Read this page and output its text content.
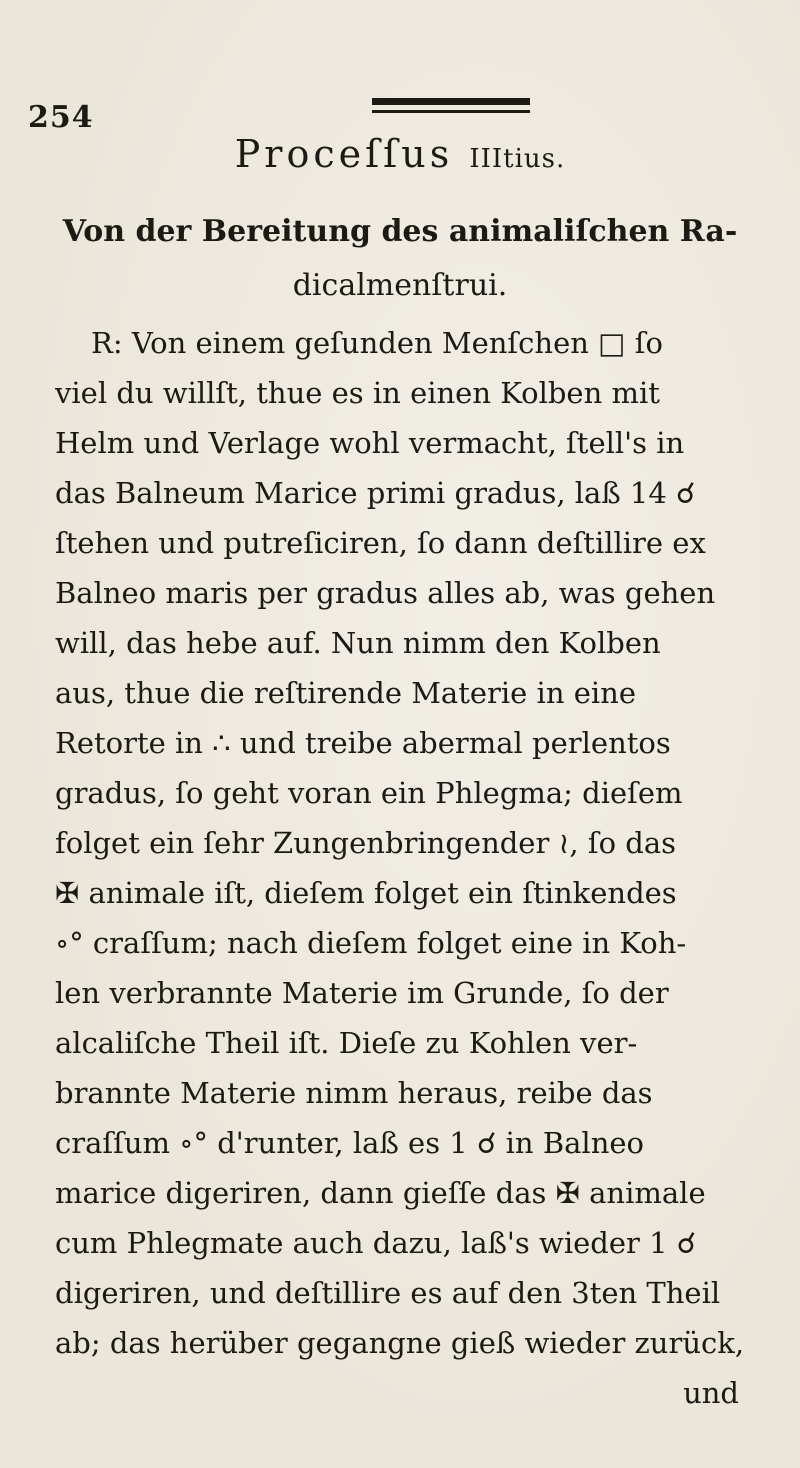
254
Proceſſus IIItius.
Von der Bereitung des animaliſchen Ra-
dicalmenſtrui.
R: Von einem geſunden Menſchen □ ſo
viel du willſt, thue es in einen Kolben mit
Helm und Verlage wohl vermacht, ſtell's in
das Balneum Marice primi gradus, laß 14 ☌
ſtehen und putreſiciren, ſo dann deſtillire ex
Balneo maris per gradus alles ab, was gehen
will, das hebe auf. Nun nimm den Kolben
aus, thue die reſtirende Materie in eine
Retorte in ∴ und treibe abermal perlentos
gradus, ſo geht voran ein Phlegma; dieſem
folget ein ſehr Zungenbringender ≀, ſo das
✠ animale iſt, dieſem folget ein ſtinkendes
∘° craſſum; nach dieſem folget eine in Koh-
len verbrannte Materie im Grunde, ſo der
alcaliſche Theil iſt. Dieſe zu Kohlen ver-
brannte Materie nimm heraus, reibe das
craſſum ∘° d'runter, laß es 1 ☌ in Balneo
marice digeriren, dann gieſſe das ✠ animale
cum Phlegmate auch dazu, laß's wieder 1 ☌
digeriren, und deſtillire es auf den 3ten Theil
ab; das herüber gegangne gieß wieder zurück,
und
